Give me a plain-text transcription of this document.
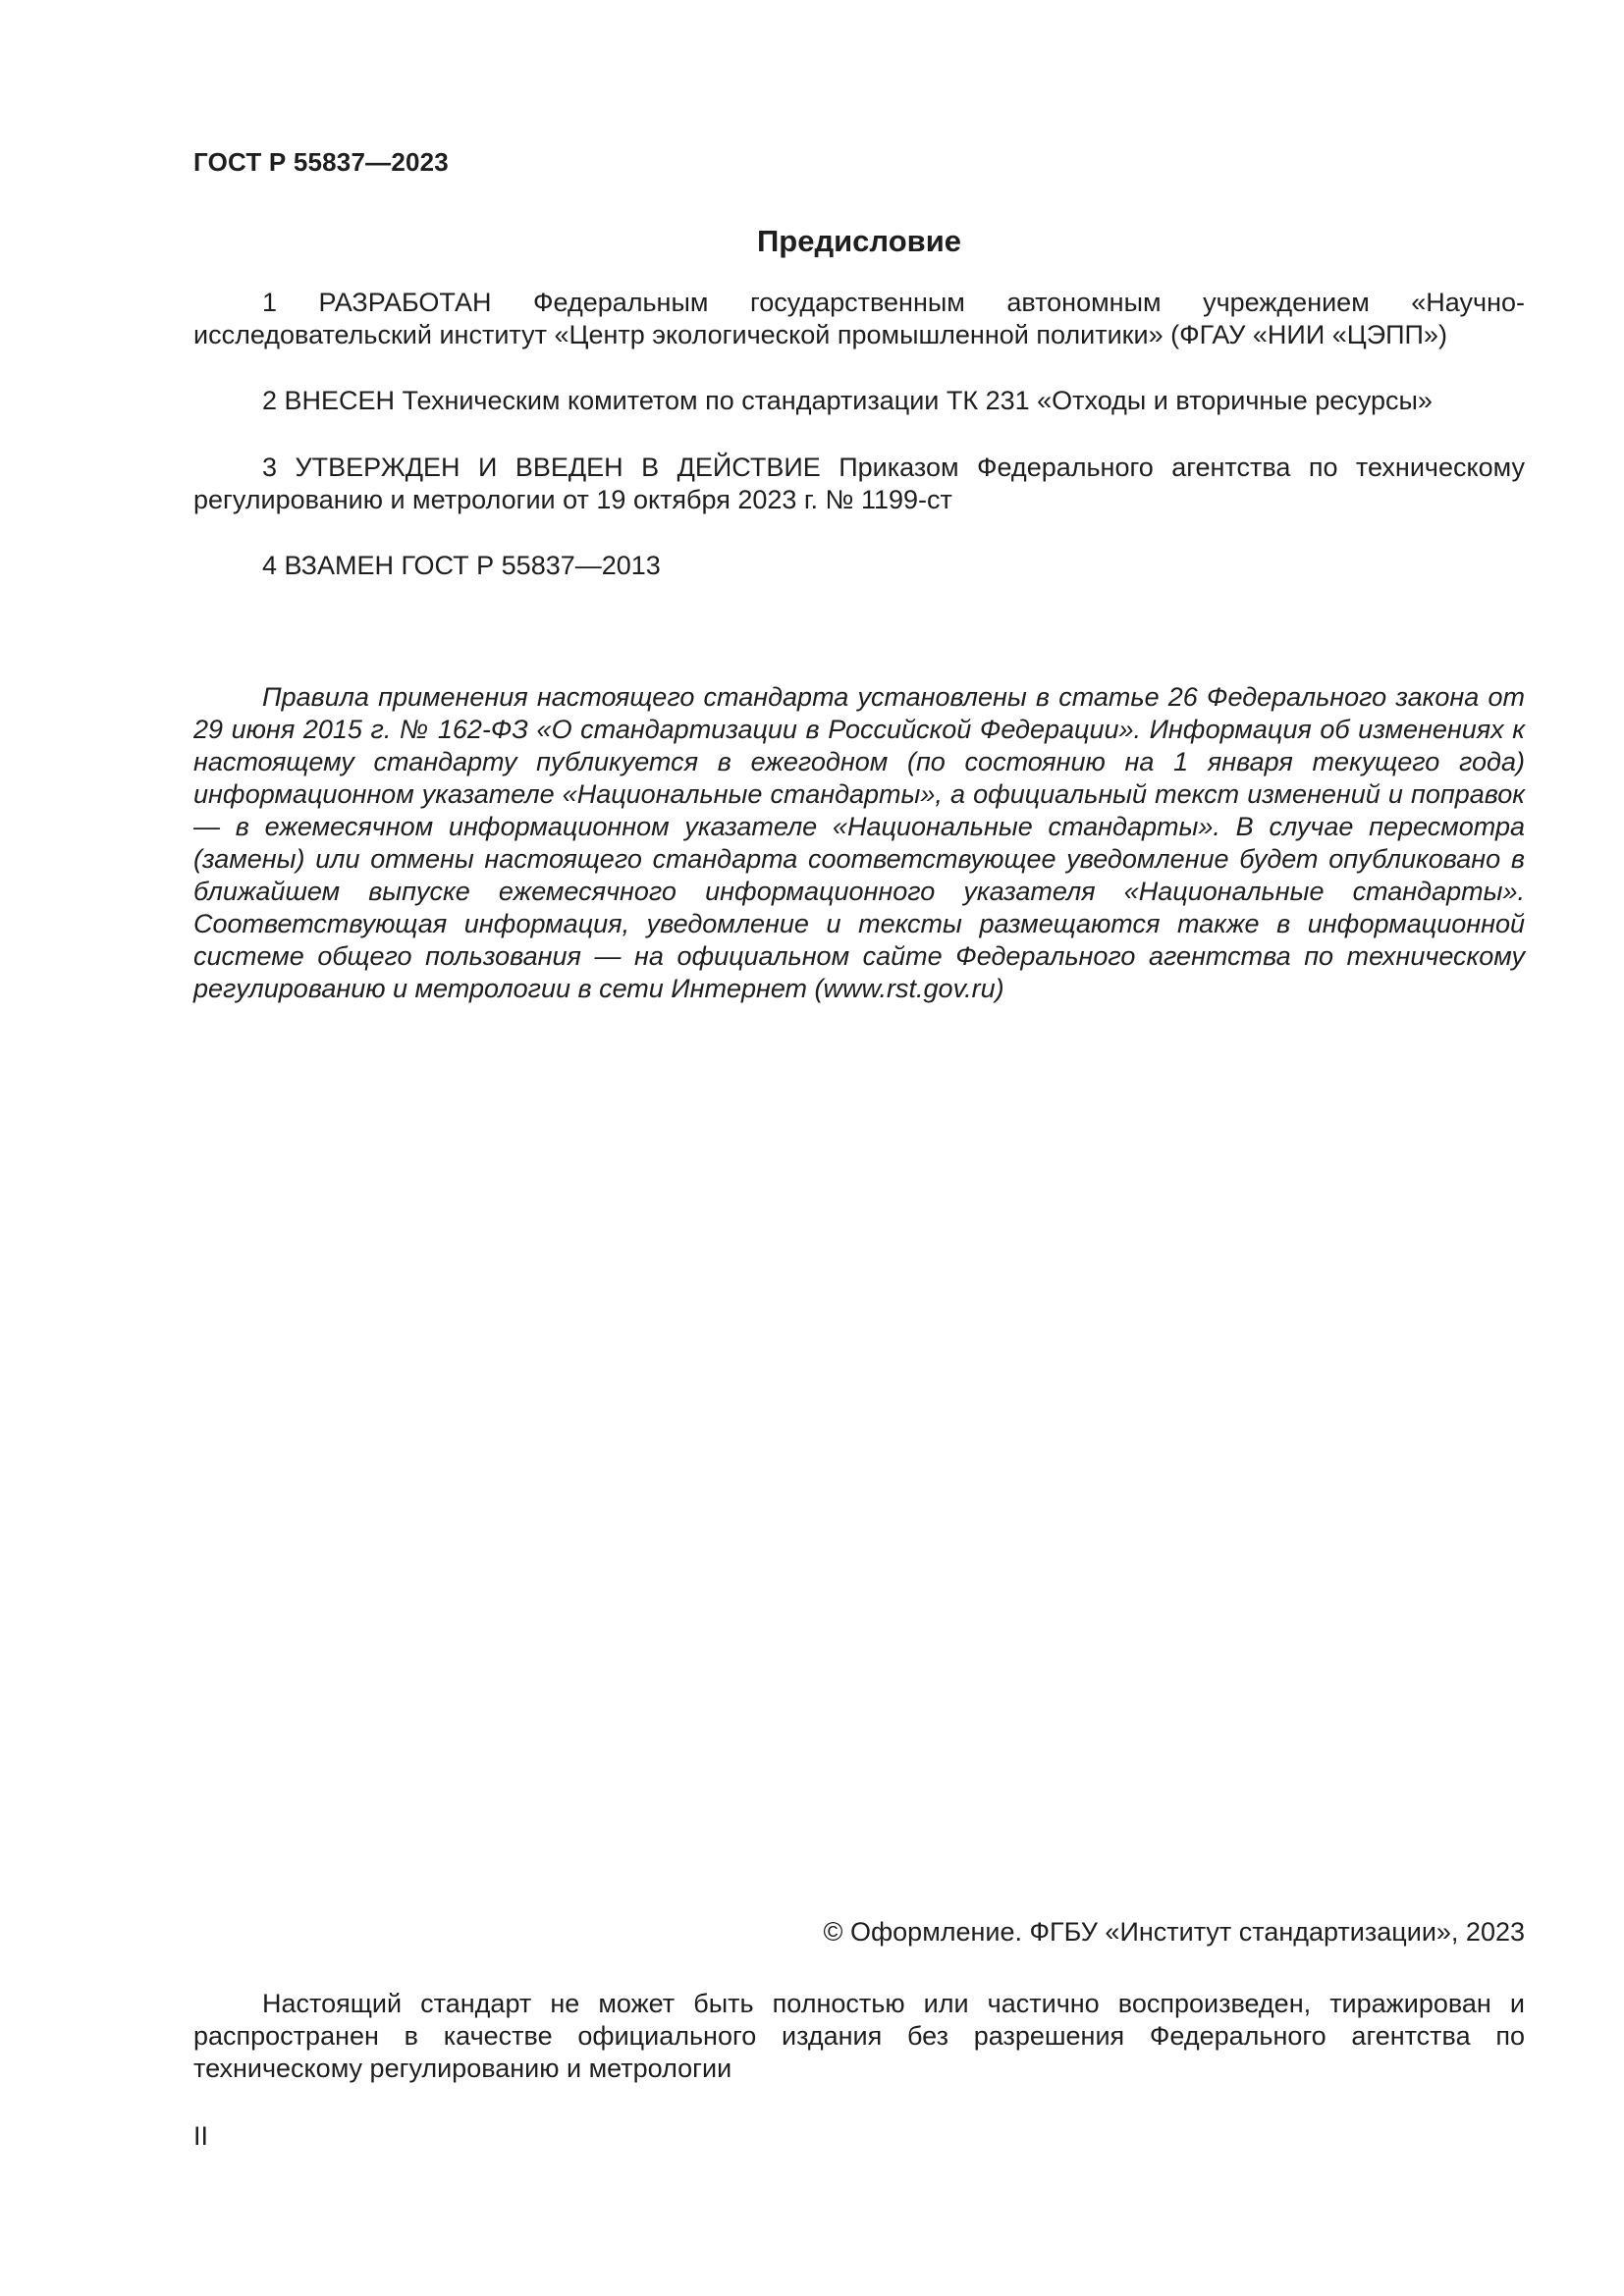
ГОСТ Р 55837—2023
Предисловие

1 РАЗРАБОТАН Федеральным государственным автономным учреждением «Научно-исследовательский институт «Центр экологической промышленной политики» (ФГАУ «НИИ «ЦЭПП»)

2 ВНЕСЕН Техническим комитетом по стандартизации ТК 231 «Отходы и вторичные ресурсы»

3 УТВЕРЖДЕН И ВВЕДЕН В ДЕЙСТВИЕ Приказом Федерального агентства по техническому регулированию и метрологии от 19 октября 2023 г. № 1199-ст

4 ВЗАМЕН ГОСТ Р 55837—2013

Правила применения настоящего стандарта установлены в статье 26 Федерального закона от 29 июня 2015 г. № 162-ФЗ «О стандартизации в Российской Федерации». Информация об изменениях к настоящему стандарту публикуется в ежегодном (по состоянию на 1 января текущего года) информационном указателе «Национальные стандарты», а официальный текст изменений и поправок — в ежемесячном информационном указателе «Национальные стандарты». В случае пересмотра (замены) или отмены настоящего стандарта соответствующее уведомление будет опубликовано в ближайшем выпуске ежемесячного информационного указателя «Национальные стандарты». Соответствующая информация, уведомление и тексты размещаются также в информационной системе общего пользования — на официальном сайте Федерального агентства по техническому регулированию и метрологии в сети Интернет (www.rst.gov.ru)

© Оформление. ФГБУ «Институт стандартизации», 2023

Настоящий стандарт не может быть полностью или частично воспроизведен, тиражирован и распространен в качестве официального издания без разрешения Федерального агентства по техническому регулированию и метрологии

II
